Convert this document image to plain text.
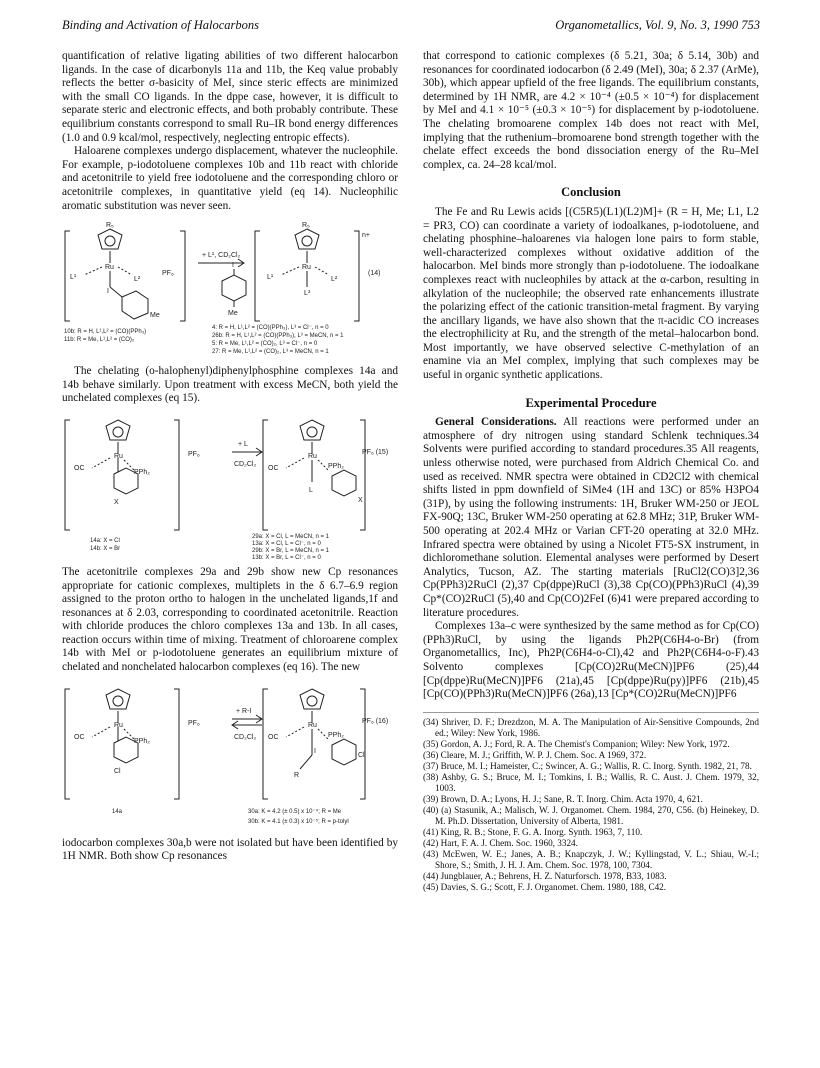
Binding and Activation of Halocarbons	Organometallics, Vol. 9, No. 3, 1990 753

quantification of relative ligating abilities of two different halocarbon ligands. In the case of dicarbonyls 11a and 11b, the Keq value probably reflects the better σ-basicity of MeI, since steric effects are minimized with the small CO ligands. In the dppe case, however, it is difficult to separate steric and electronic effects, and both probably contribute. These equilibrium constants correspond to small Ru–IR bond energy differences (1.0 and 0.9 kcal/mol, respectively, neglecting entropic effects).

Haloarene complexes undergo displacement, whatever the nucleophile. For example, p-iodotoluene complexes 10b and 11b react with chloride and acetonitrile to yield free iodotoluene and the corresponding chloro or acetonitrile complexes, in quantitative yield (eq 14). Nucleophilic aromatic substitution was never seen.

R₅	R₅
Ru	Ru
L¹	L²	L¹	L²
I	L³
I
Me
Me
+ L¹, CD₂Cl₂
PF₆
n+
(14)
10b: R = H, L¹,L² = (CO)(PPh₃)
11b: R = Me, L¹,L² = (CO)₂
4: R = H, L¹,L² = (CO)(PPh₃), L³ = Cl⁻, n = 0
26b: R = H, L¹,L² = (CO)(PPh₃), L³ = MeCN, n = 1
5: R = Me, L¹,L² = (CO)₂, L³ = Cl⁻, n = 0
27: R = Me, L¹,L² = (CO)₂, L³ = MeCN, n = 1

The chelating (o-halophenyl)diphenylphosphine complexes 14a and 14b behave similarly. Upon treatment with excess MeCN, both yield the unchelated complexes (eq 15).

Ru	Ru
OC
PPh₂
OC	PPh₂
X
L
X
+ L
CD₂Cl₂
PF₆	PF₆ (15)
14a: X = Cl
14b: X = Br
29a: X = Cl, L = MeCN, n = 1
13a: X = Cl, L = Cl⁻, n = 0
29b: X = Br, L = MeCN, n = 1
13b: X = Br, L = Cl⁻, n = 0

The acetonitrile complexes 29a and 29b show new Cp resonances appropriate for cationic complexes, multiplets in the δ 6.7–6.9 region assigned to the proton ortho to halogen in the unchelated ligands,1f and resonances at δ 2.03, corresponding to coordinated acetonitrile. Reaction with chloride produces the chloro complexes 13a and 13b. In all cases, reaction occurs within time of mixing. Treatment of chloroarene complex 14b with MeI or p-iodotoluene generates an equilibrium mixture of chelated and nonchelated halocarbon complexes (eq 16). The new

Ru	Ru
OC
PPh₂
OC	PPh₂
Cl
I
R
Cl
+ R-I
CD₂Cl₂
PF₆	PF₆ (16)
14a	30a: K = 4.2 (± 0.5) x 10⁻⁴; R = Me
30b: K = 4.1 (± 0.3) x 10⁻⁵; R = p-tolyl

iodocarbon complexes 30a,b were not isolated but have been identified by 1H NMR. Both show Cp resonances

that correspond to cationic complexes (δ 5.21, 30a; δ 5.14, 30b) and resonances for coordinated iodocarbon (δ 2.49 (MeI), 30a; δ 2.37 (ArMe), 30b), which appear upfield of the free ligands. The equilibrium constants, determined by 1H NMR, are 4.2 × 10⁻⁴ (±0.5 × 10⁻⁴) for displacement by MeI and 4.1 × 10⁻⁵ (±0.3 × 10⁻⁵) for displacement by p-iodotoluene. The chelating bromoarene complex 14b does not react with MeI, implying that the ruthenium–bromoarene bond strength together with the chelate effect exceeds the bond dissociation energy of the Ru–MeI complex, ca. 24–28 kcal/mol.

Conclusion

The Fe and Ru Lewis acids [(C5R5)(L1)(L2)M]+ (R = H, Me; L1, L2 = PR3, CO) can coordinate a variety of iodoalkanes, p-iodotoluene, and chelating phosphine–haloarenes via halogen lone pairs to form stable, well-characterized complexes without oxidative addition of the halocarbon. MeI binds more strongly than p-iodotoluene. The iodoalkane complexes react with nucleophiles by attack at the α-carbon, resulting in alkylation of the nucleophile; the observed rate enhancements illustrate the polarizing effect of the cationic transition-metal fragment. By varying the ancillary ligands, we have also shown that the π-acidic CO increases the electrophilicity at Ru, and the strength of the metal–halocarbon bond. Most importantly, we have observed selective C-methylation of an enamine via an MeI complex, implying that such complexes may be useful in organic synthetic applications.

Experimental Procedure

General Considerations. All reactions were performed under an atmosphere of dry nitrogen using standard Schlenk techniques.34 Solvents were purified according to standard procedures.35 All reagents, unless otherwise noted, were purchased from Aldrich Chemical Co. and used as received. NMR spectra were obtained in CD2Cl2 with chemical shifts listed in ppm downfield of SiMe4 (1H and 13C) or 85% H3PO4 (31P), by using the following instruments: 1H, Bruker WM-250 or JEOL FX-90Q; 13C, Bruker WM-250 operating at 62.8 MHz; 31P, Bruker WM-500 operating at 202.4 MHz or Varian CFT-20 operating at 32.0 MHz. Infrared spectra were obtained by using a Nicolet FT5-SX instrument, in dichloromethane solution. Elemental analyses were performed by Desert Analytics, Tucson, AZ. The starting materials [RuCl2(CO)3]2,36 Cp(PPh3)2RuCl (2),37 Cp(dppe)RuCl (3),38 Cp(CO)(PPh3)RuCl (4),39 Cp*(CO)2RuCl (5),40 and Cp(CO)2FeI (6)41 were prepared according to literature procedures.

Complexes 13a–c were synthesized by the same method as for Cp(CO)(PPh3)RuCl, by using the ligands Ph2P(C6H4-o-Br) (from Organometallics, Inc), Ph2P(C6H4-o-Cl),42 and Ph2P(C6H4-o-F).43 Solvento complexes [Cp(CO)2Ru(MeCN)]PF6 (25),44 [Cp(dppe)Ru(MeCN)]PF6 (21a),45 [Cp(dppe)Ru(py)]PF6 (21b),45 [Cp(CO)(PPh3)Ru(MeCN)]PF6 (26a),13 [Cp*(CO)2Ru(MeCN)]PF6

(34) Shriver, D. F.; Drezdzon, M. A. The Manipulation of Air-Sensitive Compounds, 2nd ed.; Wiley: New York, 1986.
(35) Gordon, A. J.; Ford, R. A. The Chemist's Companion; Wiley: New York, 1972.
(36) Cleare, M. J.; Griffith, W. P. J. Chem. Soc. A 1969, 372.
(37) Bruce, M. I.; Hameister, C.; Swincer, A. G.; Wallis, R. C. Inorg. Synth. 1982, 21, 78.
(38) Ashby, G. S.; Bruce, M. I.; Tomkins, I. B.; Wallis, R. C. Aust. J. Chem. 1979, 32, 1003.
(39) Brown, D. A.; Lyons, H. J.; Sane, R. T. Inorg. Chim. Acta 1970, 4, 621.
(40) (a) Stasunik, A.; Malisch, W. J. Organomet. Chem. 1984, 270, C56. (b) Heinekey, D. M. Ph.D. Dissertation, University of Alberta, 1981.
(41) King, R. B.; Stone, F. G. A. Inorg. Synth. 1963, 7, 110.
(42) Hart, F. A. J. Chem. Soc. 1960, 3324.
(43) McEwen, W. E.; Janes, A. B.; Knapczyk, J. W.; Kyllingstad, V. L.; Shiau, W.-I.; Shore, S.; Smith, J. H. J. Am. Chem. Soc. 1978, 100, 7304.
(44) Jungblauer, A.; Behrens, H. Z. Naturforsch. 1978, B33, 1083.
(45) Davies, S. G.; Scott, F. J. Organomet. Chem. 1980, 188, C42.
